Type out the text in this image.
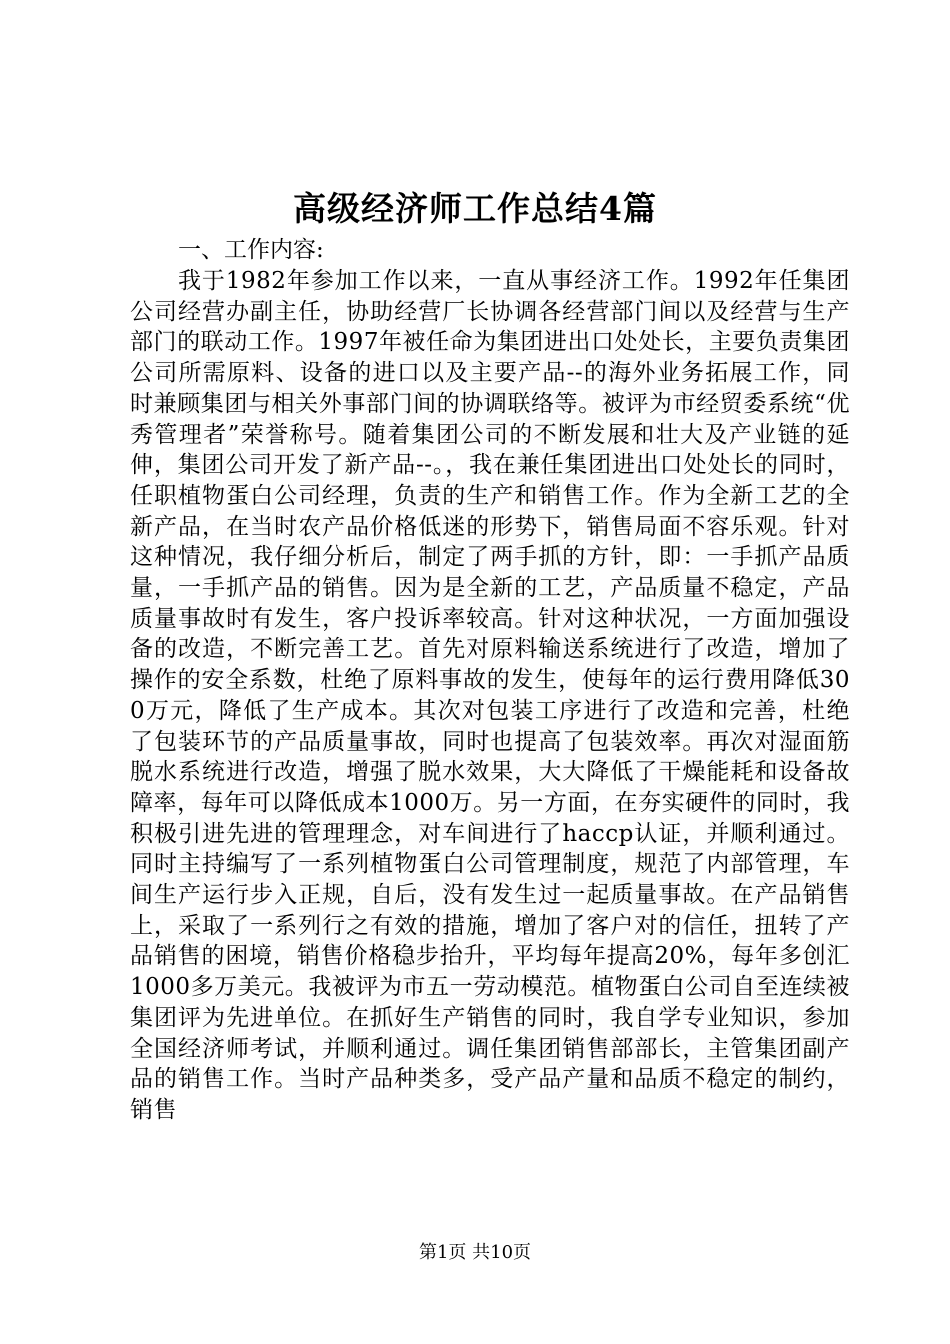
高级经济师工作总结4篇

一、工作内容:

我于1982年参加工作以来，一直从事经济工作。1992年任集团公司经营办副主任，协助经营厂长协调各经营部门间以及经营与生产部门的联动工作。1997年被任命为集团进出口处处长，主要负责集团公司所需原料、设备的进口以及主要产品--的海外业务拓展工作，同时兼顾集团与相关外事部门间的协调联络等。被评为市经贸委系统“优秀管理者”荣誉称号。随着集团公司的不断发展和壮大及产业链的延伸，集团公司开发了新产品--。，我在兼任集团进出口处处长的同时，任职植物蛋白公司经理，负责的生产和销售工作。作为全新工艺的全新产品，在当时农产品价格低迷的形势下，销售局面不容乐观。针对这种情况，我仔细分析后，制定了两手抓的方针，即：一手抓产品质量，一手抓产品的销售。因为是全新的工艺，产品质量不稳定，产品质量事故时有发生，客户投诉率较高。针对这种状况，一方面加强设备的改造，不断完善工艺。首先对原料输送系统进行了改造，增加了操作的安全系数，杜绝了原料事故的发生，使每年的运行费用降低300万元，降低了生产成本。其次对包装工序进行了改造和完善，杜绝了包装环节的产品质量事故，同时也提高了包装效率。再次对湿面筋脱水系统进行改造，增强了脱水效果，大大降低了干燥能耗和设备故障率，每年可以降低成本1000万。另一方面，在夯实硬件的同时，我积极引进先进的管理理念，对车间进行了haccp认证，并顺利通过。同时主持编写了一系列植物蛋白公司管理制度，规范了内部管理，车间生产运行步入正规，自后，没有发生过一起质量事故。在产品销售上，采取了一系列行之有效的措施，增加了客户对的信任，扭转了产品销售的困境，销售价格稳步抬升，平均每年提高20%，每年多创汇1000多万美元。我被评为市五一劳动模范。植物蛋白公司自至连续被集团评为先进单位。在抓好生产销售的同时，我自学专业知识，参加全国经济师考试，并顺利通过。调任集团销售部部长，主管集团副产品的销售工作。当时产品种类多，受产品产量和品质不稳定的制约，销售

第1页 共10页
